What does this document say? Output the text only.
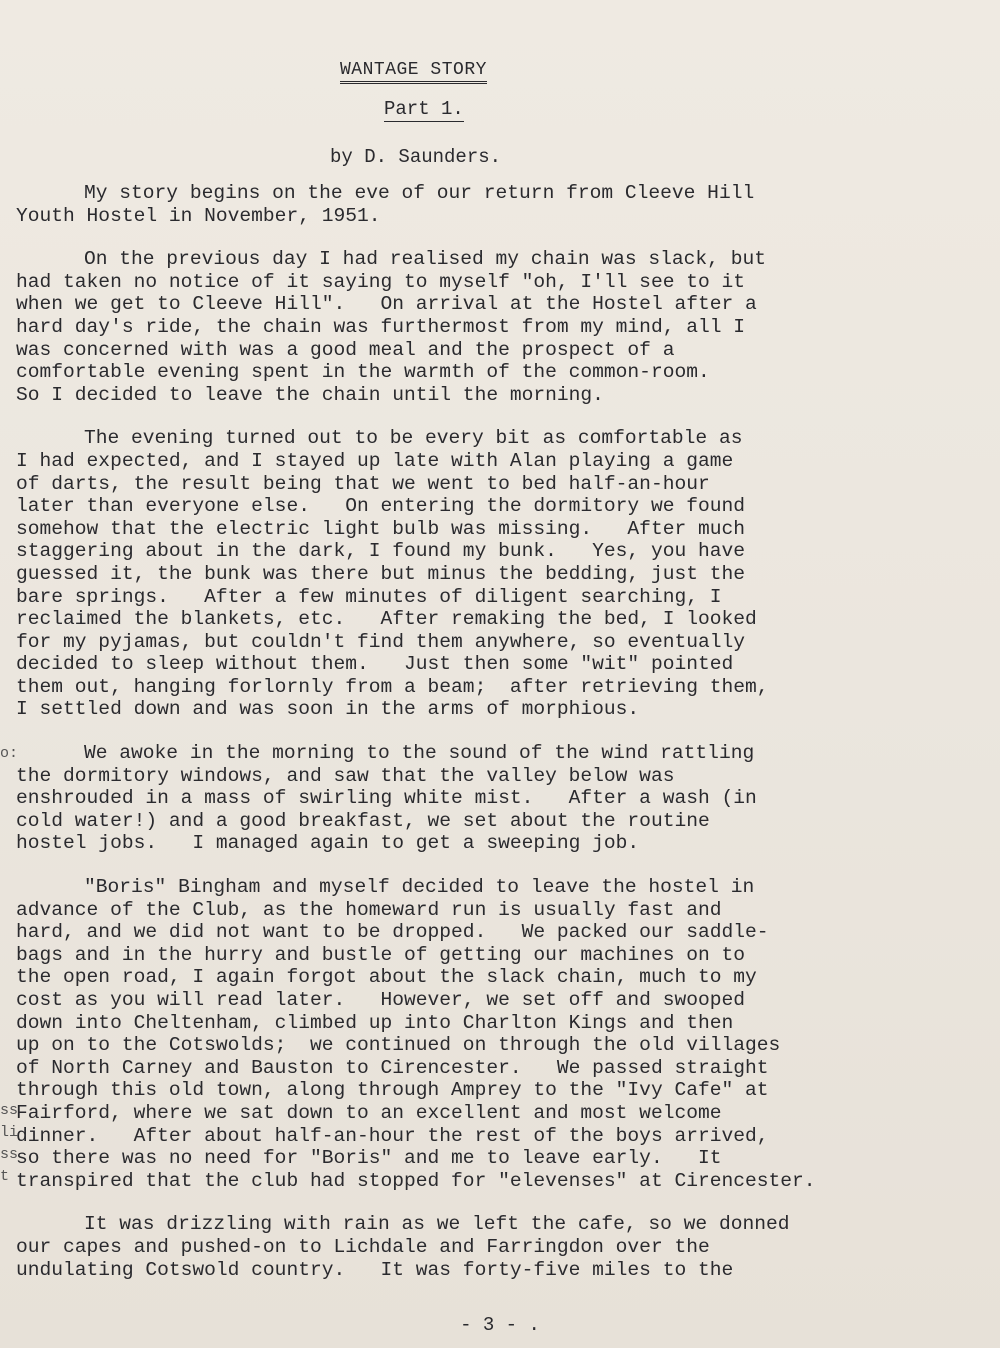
o:
ss
li
ss
t
WANTAGE STORY
Part 1.
by D. Saunders.
My story begins on the eve of our return from Cleeve Hill
Youth Hostel in November, 1951.
On the previous day I had realised my chain was slack, but
had taken no notice of it saying to myself "oh, I'll see to it
when we get to Cleeve Hill".   On arrival at the Hostel after a
hard day's ride, the chain was furthermost from my mind, all I
was concerned with was a good meal and the prospect of a
comfortable evening spent in the warmth of the common-room.
So I decided to leave the chain until the morning.
The evening turned out to be every bit as comfortable as
I had expected, and I stayed up late with Alan playing a game
of darts, the result being that we went to bed half-an-hour
later than everyone else.   On entering the dormitory we found
somehow that the electric light bulb was missing.   After much
staggering about in the dark, I found my bunk.   Yes, you have
guessed it, the bunk was there but minus the bedding, just the
bare springs.   After a few minutes of diligent searching, I
reclaimed the blankets, etc.   After remaking the bed, I looked
for my pyjamas, but couldn't find them anywhere, so eventually
decided to sleep without them.   Just then some "wit" pointed
them out, hanging forlornly from a beam;  after retrieving them,
I settled down and was soon in the arms of morphious.
We awoke in the morning to the sound of the wind rattling
the dormitory windows, and saw that the valley below was
enshrouded in a mass of swirling white mist.   After a wash (in
cold water!) and a good breakfast, we set about the routine
hostel jobs.   I managed again to get a sweeping job.
"Boris" Bingham and myself decided to leave the hostel in
advance of the Club, as the homeward run is usually fast and
hard, and we did not want to be dropped.   We packed our saddle-
bags and in the hurry and bustle of getting our machines on to
the open road, I again forgot about the slack chain, much to my
cost as you will read later.   However, we set off and swooped
down into Cheltenham, climbed up into Charlton Kings and then
up on to the Cotswolds;  we continued on through the old villages
of North Carney and Bauston to Cirencester.   We passed straight
through this old town, along through Amprey to the "Ivy Cafe" at
Fairford, where we sat down to an excellent and most welcome
dinner.   After about half-an-hour the rest of the boys arrived,
so there was no need for "Boris" and me to leave early.   It
transpired that the club had stopped for "elevenses" at Cirencester.
It was drizzling with rain as we left the cafe, so we donned
our capes and pushed-on to Lichdale and Farringdon over the
undulating Cotswold country.   It was forty-five miles to the
- 3 - .
